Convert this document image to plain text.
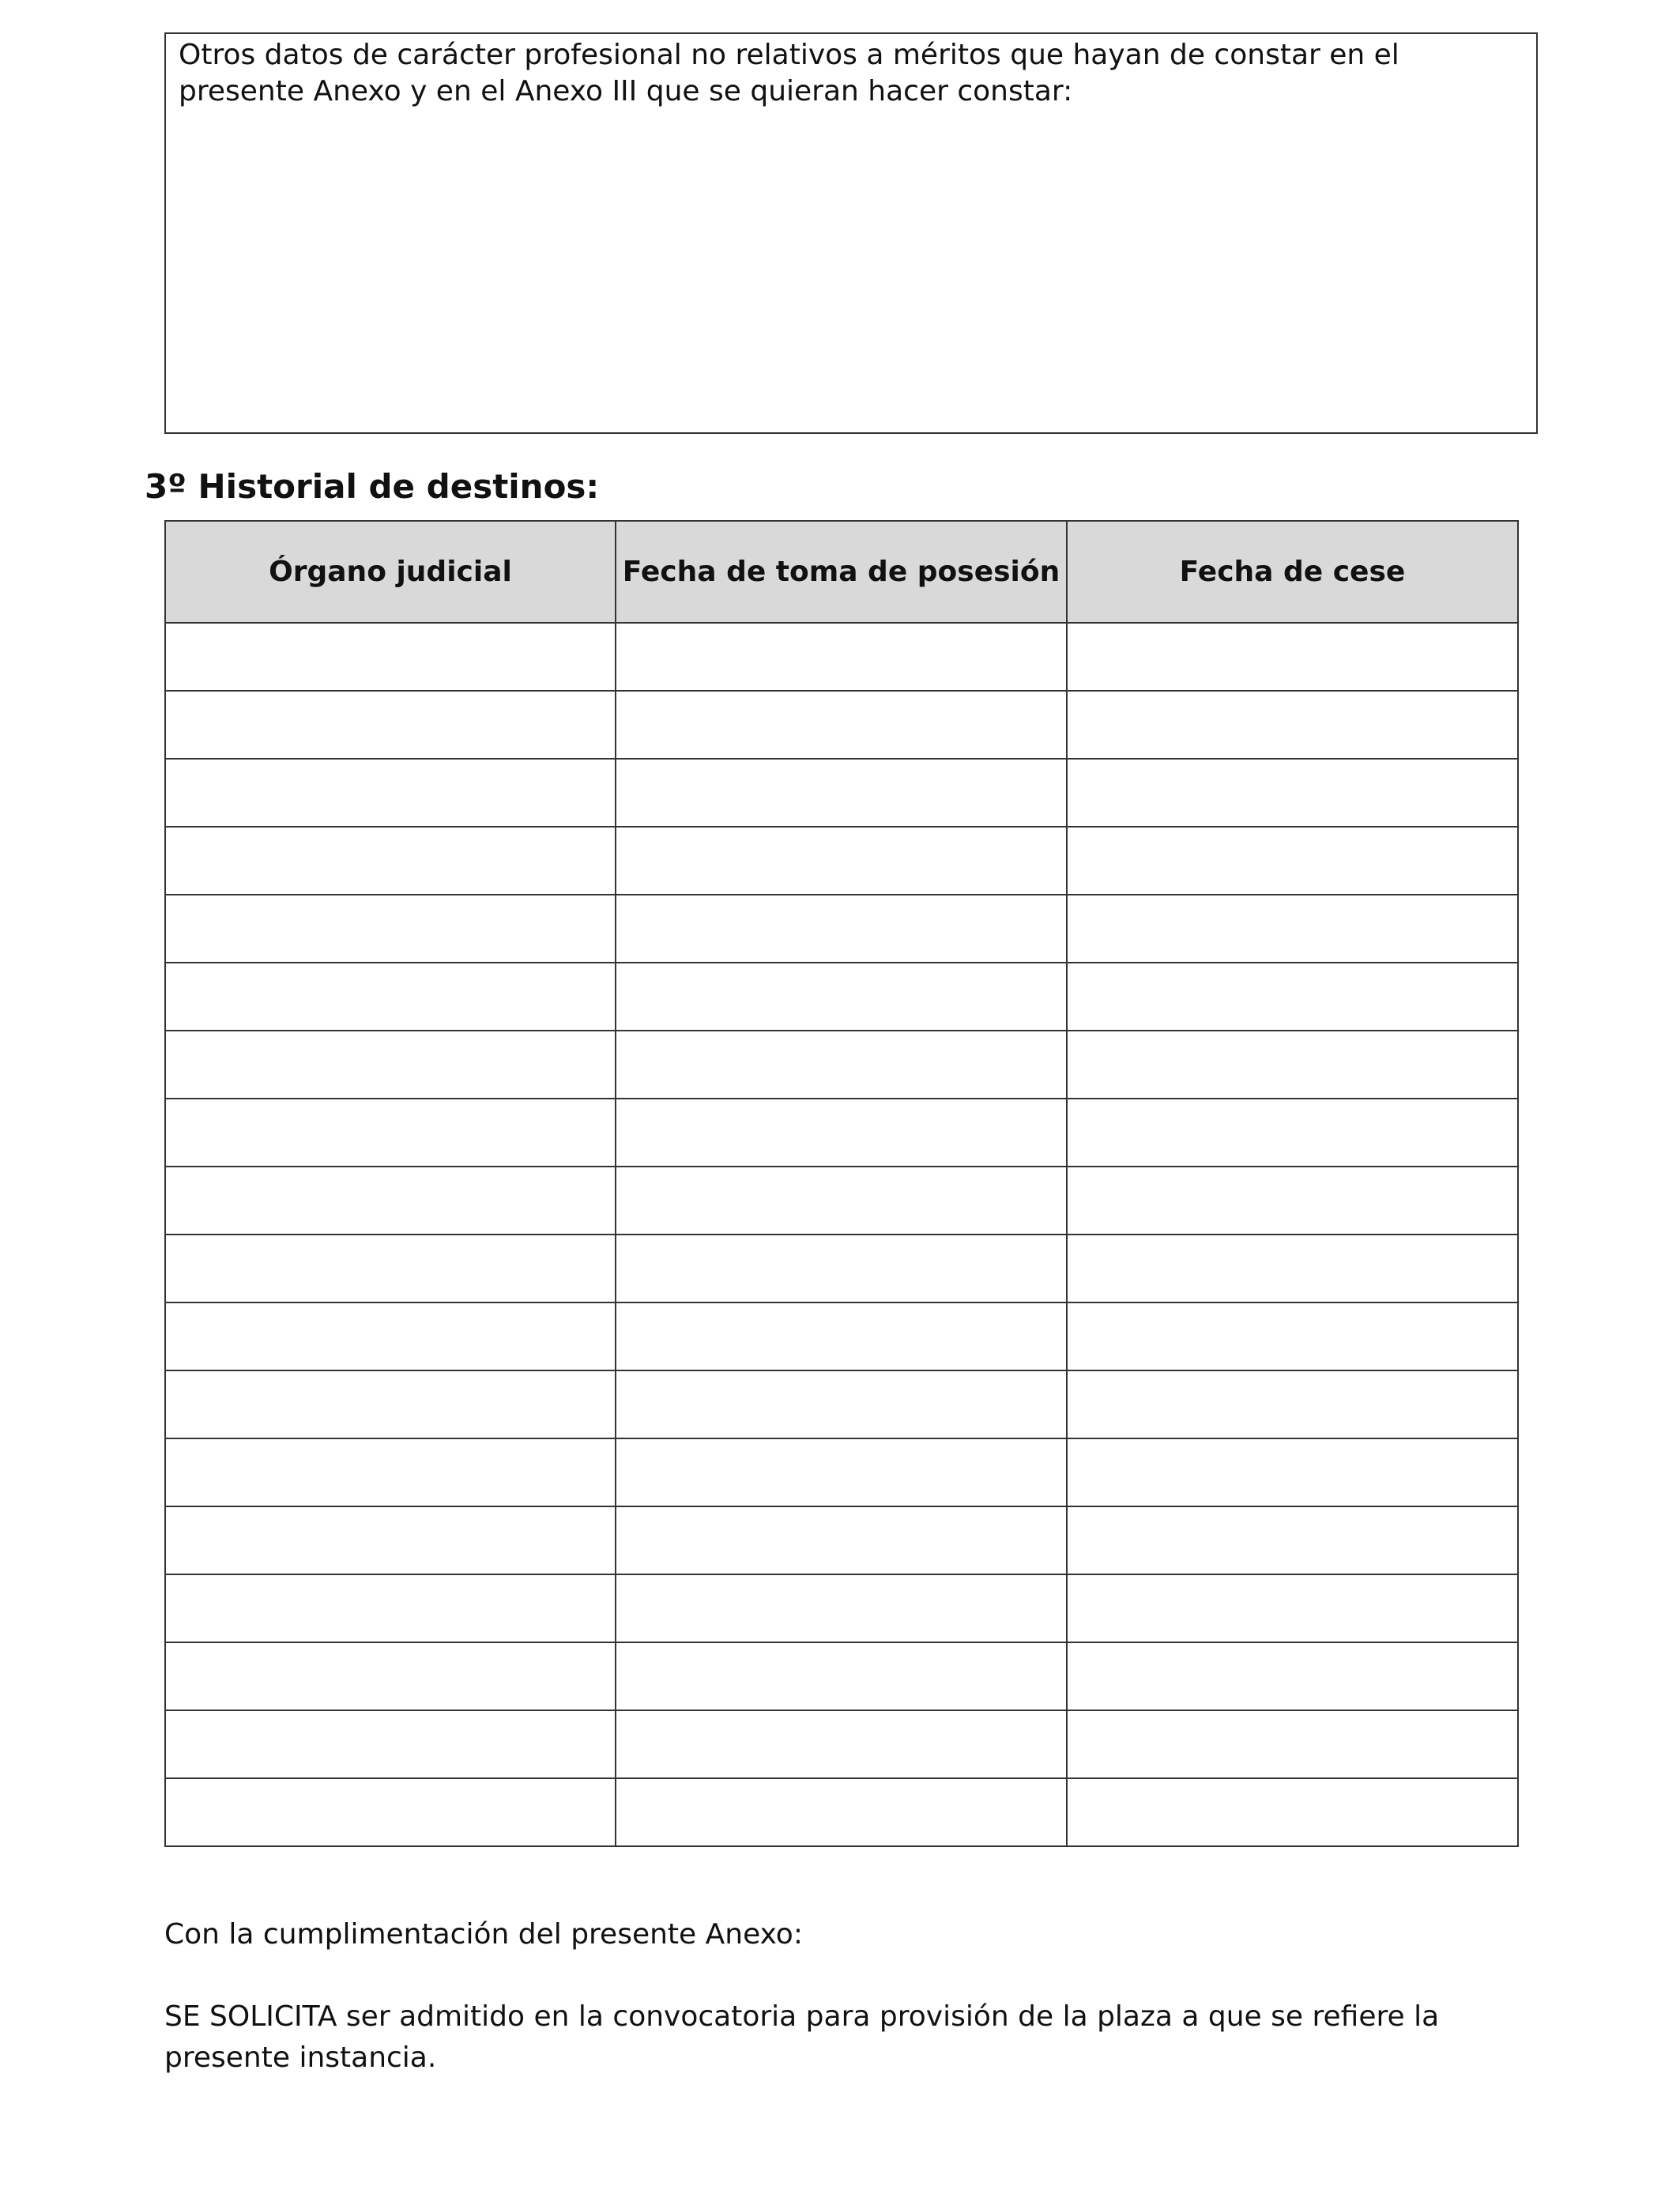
Otros datos de carácter profesional no relativos a méritos que hayan de constar en el presente Anexo y en el Anexo III que se quieran hacer constar:

3º Historial de destinos:
Órgano judicial	Fecha de toma de posesión	Fecha de cese

Con la cumplimentación del presente Anexo:

SE SOLICITA ser admitido en la convocatoria para provisión de la plaza a que se refiere la presente instancia.
